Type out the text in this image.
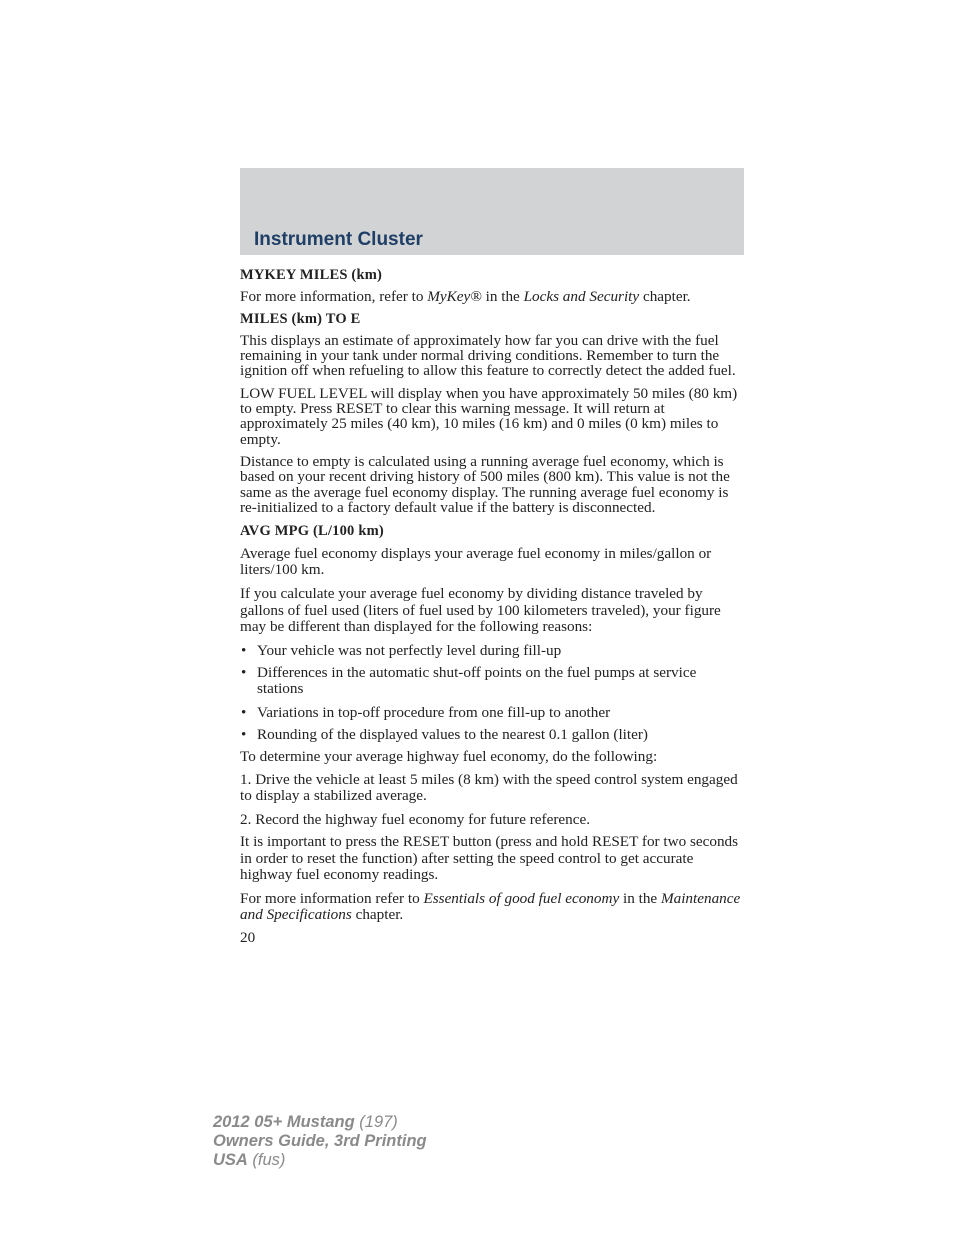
Instrument Cluster
MYKEY MILES (km)

For more information, refer to MyKey® in the Locks and Security chapter.

MILES (km) TO E

This displays an estimate of approximately how far you can drive with the fuel remaining in your tank under normal driving conditions. Remember to turn the ignition off when refueling to allow this feature to correctly detect the added fuel.

LOW FUEL LEVEL will display when you have approximately 50 miles (80 km) to empty. Press RESET to clear this warning message. It will return at approximately 25 miles (40 km), 10 miles (16 km) and 0 miles (0 km) miles to empty.

Distance to empty is calculated using a running average fuel economy, which is based on your recent driving history of 500 miles (800 km). This value is not the same as the average fuel economy display. The running average fuel economy is re-initialized to a factory default value if the battery is disconnected.

AVG MPG (L/100 km)

Average fuel economy displays your average fuel economy in miles/gallon or liters/100 km.

If you calculate your average fuel economy by dividing distance traveled by gallons of fuel used (liters of fuel used by 100 kilometers traveled), your figure may be different than displayed for the following reasons:

• Your vehicle was not perfectly level during fill-up
• Differences in the automatic shut-off points on the fuel pumps at service stations
• Variations in top-off procedure from one fill-up to another
• Rounding of the displayed values to the nearest 0.1 gallon (liter)

To determine your average highway fuel economy, do the following:

1. Drive the vehicle at least 5 miles (8 km) with the speed control system engaged to display a stabilized average.

2. Record the highway fuel economy for future reference.

It is important to press the RESET button (press and hold RESET for two seconds in order to reset the function) after setting the speed control to get accurate highway fuel economy readings.

For more information refer to Essentials of good fuel economy in the Maintenance and Specifications chapter.

20
2012 05+ Mustang (197)
Owners Guide, 3rd Printing
USA (fus)
